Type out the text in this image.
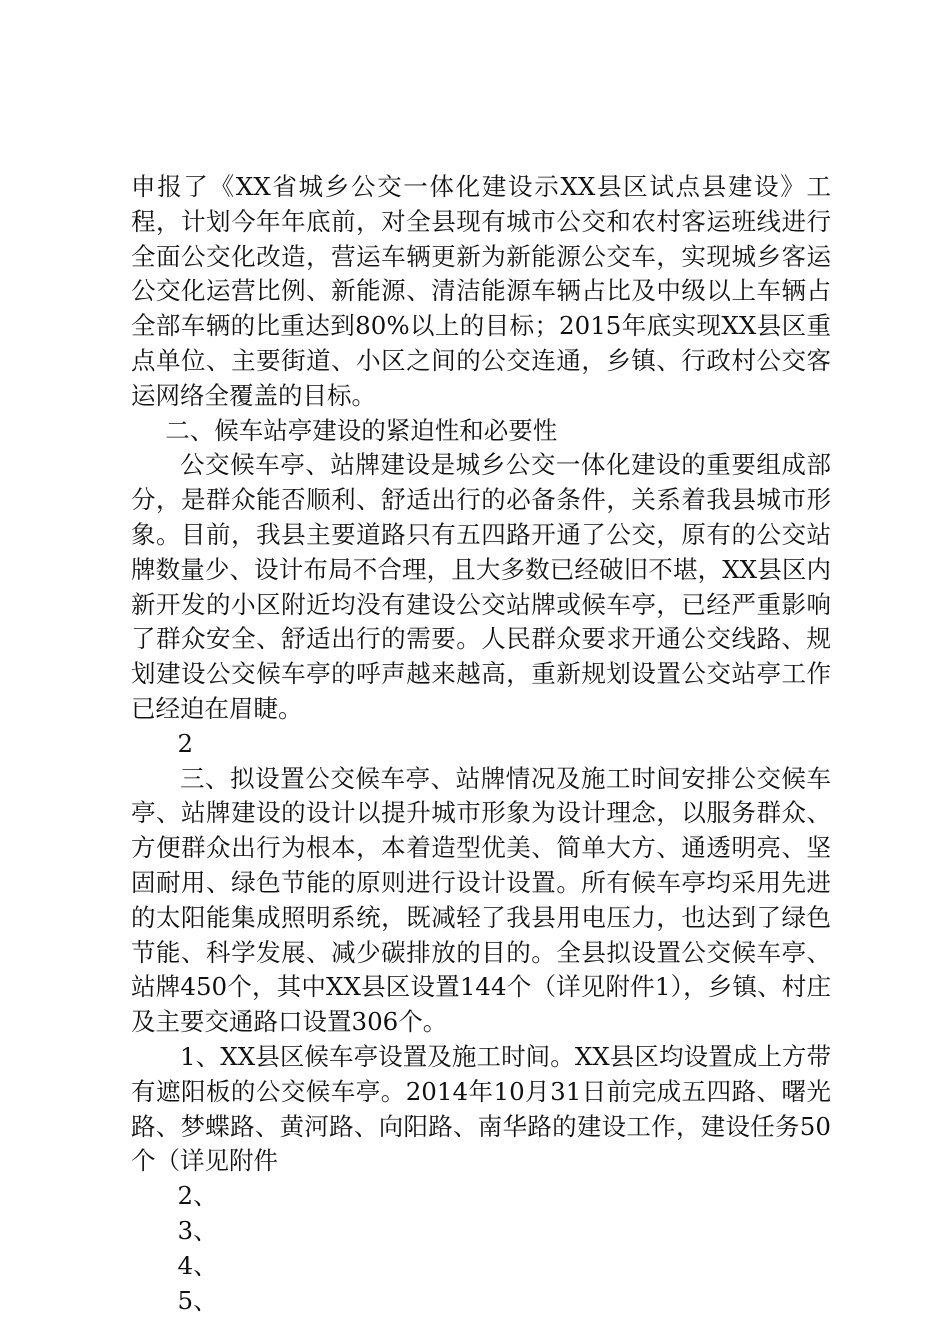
申报了《XX省城乡公交一体化建设示XX县区试点县建设》工程，计划今年年底前，对全县现有城市公交和农村客运班线进行全面公交化改造，营运车辆更新为新能源公交车，实现城乡客运公交化运营比例、新能源、清洁能源车辆占比及中级以上车辆占全部车辆的比重达到80%以上的目标；2015年底实现XX县区重点单位、主要街道、小区之间的公交连通，乡镇、行政村公交客运网络全覆盖的目标。

二、候车站亭建设的紧迫性和必要性

公交候车亭、站牌建设是城乡公交一体化建设的重要组成部分，是群众能否顺利、舒适出行的必备条件，关系着我县城市形象。目前，我县主要道路只有五四路开通了公交，原有的公交站牌数量少、设计布局不合理，且大多数已经破旧不堪，XX县区内新开发的小区附近均没有建设公交站牌或候车亭，已经严重影响了群众安全、舒适出行的需要。人民群众要求开通公交线路、规划建设公交候车亭的呼声越来越高，重新规划设置公交站亭工作已经迫在眉睫。

2

三、拟设置公交候车亭、站牌情况及施工时间安排公交候车亭、站牌建设的设计以提升城市形象为设计理念，以服务群众、方便群众出行为根本，本着造型优美、简单大方、通透明亮、坚固耐用、绿色节能的原则进行设计设置。所有候车亭均采用先进的太阳能集成照明系统，既减轻了我县用电压力，也达到了绿色节能、科学发展、减少碳排放的目的。全县拟设置公交候车亭、站牌450个，其中XX县区设置144个（详见附件1），乡镇、村庄及主要交通路口设置306个。

1、XX县区候车亭设置及施工时间。XX县区均设置成上方带有遮阳板的公交候车亭。2014年10月31日前完成五四路、曙光路、梦蝶路、黄河路、向阳路、南华路的建设工作，建设任务50个（详见附件

2、

3、

4、

5、
